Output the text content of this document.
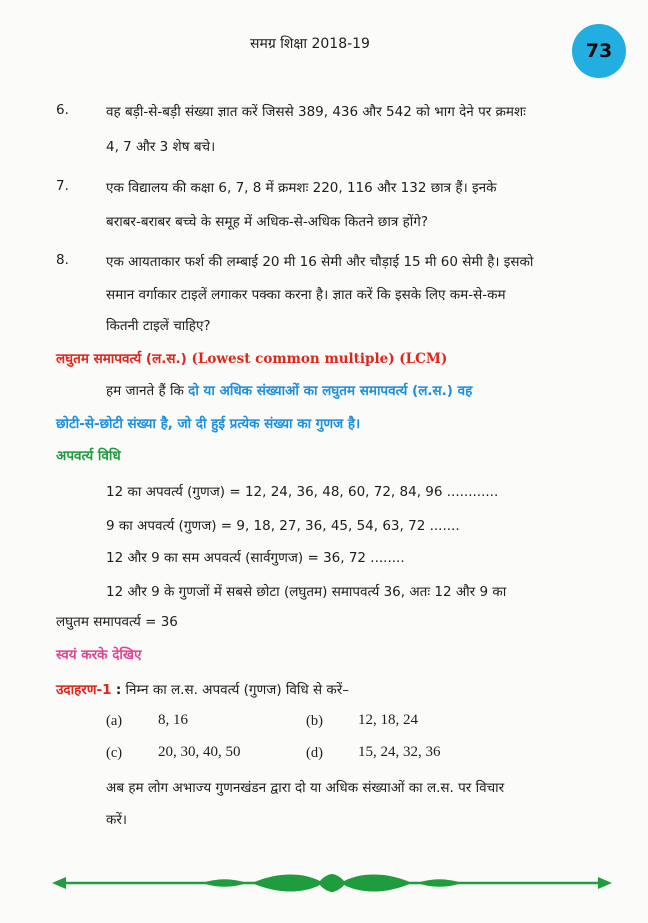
समग्र शिक्षा 2018-19	73
6.	वह बड़ी-से-बड़ी संख्या ज्ञात करें जिससे 389, 436 और 542 को भाग देने पर क्रमशः
4, 7 और 3 शेष बचे।
7.	एक विद्यालय की कक्षा 6, 7, 8 में क्रमशः 220, 116 और 132 छात्र हैं। इनके
बराबर-बराबर बच्चे के समूह में अधिक-से-अधिक कितने छात्र होंगे?
8.	एक आयताकार फर्श की लम्बाई 20 मी 16 सेमी और चौड़ाई 15 मी 60 सेमी है। इसको
समान वर्गाकार टाइलें लगाकर पक्का करना है। ज्ञात करें कि इसके लिए कम-से-कम
कितनी टाइलें चाहिए?
लघुतम समापवर्त्य (ल.स.) (Lowest common multiple) (LCM)
हम जानते हैं कि दो या अधिक संख्याओं का लघुतम समापवर्त्य (ल.स.) वह
छोटी-से-छोटी संख्या है, जो दी हुई प्रत्येक संख्या का गुणज है।
अपवर्त्य विधि
12 का अपवर्त्य (गुणज) = 12, 24, 36, 48, 60, 72, 84, 96 ............
9 का अपवर्त्य (गुणज) = 9, 18, 27, 36, 45, 54, 63, 72 .......
12 और 9 का सम अपवर्त्य (सार्वगुणज) = 36, 72 ........
12 और 9 के गुणजों में सबसे छोटा (लघुतम) समापवर्त्य 36, अतः 12 और 9 का
लघुतम समापवर्त्य = 36
स्वयं करके देखिए
उदाहरण-1 : निम्न का ल.स. अपवर्त्य (गुणज) विधि से करें–
(a) 8, 16	(b) 12, 18, 24
(c) 20, 30, 40, 50	(d) 15, 24, 32, 36
अब हम लोग अभाज्य गुणनखंडन द्वारा दो या अधिक संख्याओं का ल.स. पर विचार
करें।
